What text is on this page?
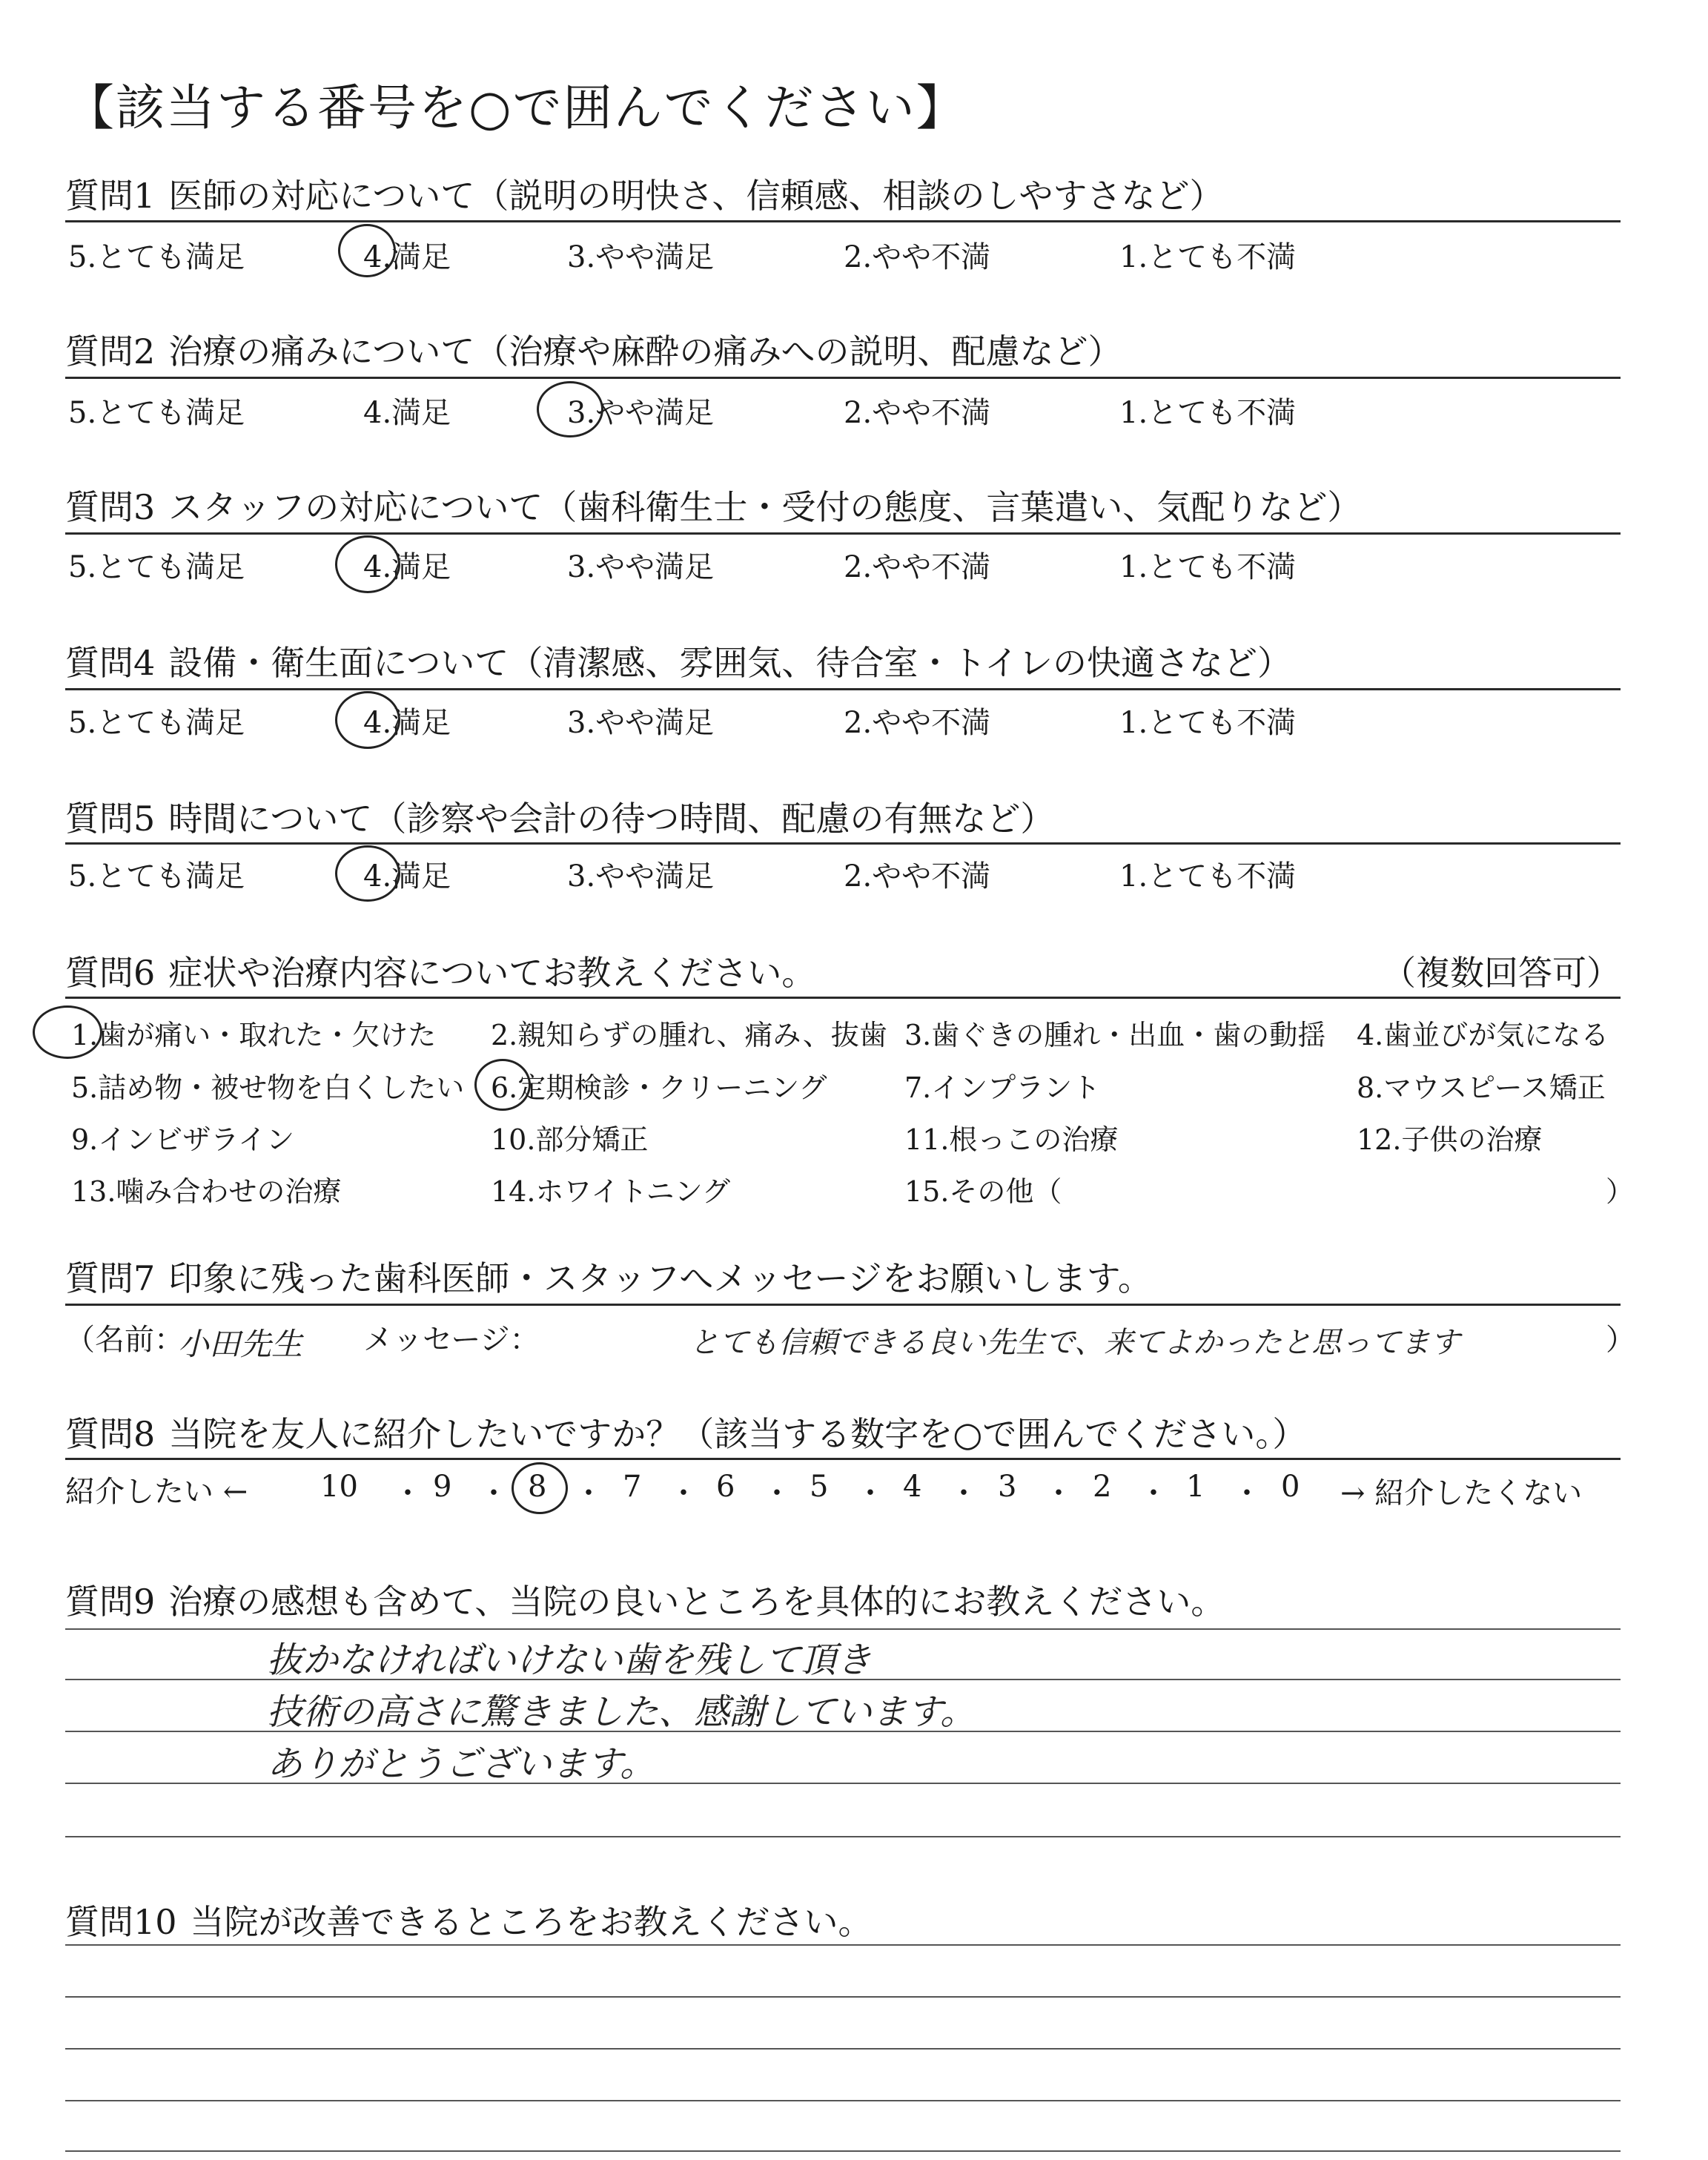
【該当する番号を○で囲んでください】
質問1 医師の対応について（説明の明快さ、信頼感、相談のしやすさなど）
5.とても満足	4.満足	3.やや満足	2.やや不満	1.とても不満
質問2 治療の痛みについて（治療や麻酔の痛みへの説明、配慮など）
5.とても満足	4.満足	3.やや満足	2.やや不満	1.とても不満
質問3 スタッフの対応について（歯科衛生士・受付の態度、言葉遣い、気配りなど）
5.とても満足	4.満足	3.やや満足	2.やや不満	1.とても不満
質問4 設備・衛生面について（清潔感、雰囲気、待合室・トイレの快適さなど）
5.とても満足	4.満足	3.やや満足	2.やや不満	1.とても不満
質問5 時間について（診察や会計の待つ時間、配慮の有無など）
5.とても満足	4.満足	3.やや満足	2.やや不満	1.とても不満
質問6 症状や治療内容についてお教えください。	（複数回答可）
1.歯が痛い・取れた・欠けた 2.親知らずの腫れ、痛み、抜歯 3.歯ぐきの腫れ・出血・歯の動揺 4.歯並びが気になる
5.詰め物・被せ物を白くしたい 6.定期検診・クリーニング	7.インプラント	8.マウスピース矯正
9.インビザライン	10.部分矯正	11.根っこの治療	12.子供の治療
13.噛み合わせの治療	14.ホワイトニング	15.その他（	）
質問7 印象に残った歯科医師・スタッフへメッセージをお願いします。
（名前：
小田先生 メッセージ：	とても信頼できる良い先生で、来てよかったと思ってます	）
質問8 当院を友人に紹介したいですか？（該当する数字を○で囲んでください。）
紹介したい ← 10 ・ 9 ・ 8 ・ 7 ・ 6 ・ 5 ・ 4 ・ 3 ・ 2 ・ 1 ・ 0 → 紹介したくない
質問9 治療の感想も含めて、当院の良いところを具体的にお教えください。
抜かなければいけない歯を残して頂き
技術の高さに驚きました、感謝しています。
ありがとうございます。
質問10 当院が改善できるところをお教えください。
